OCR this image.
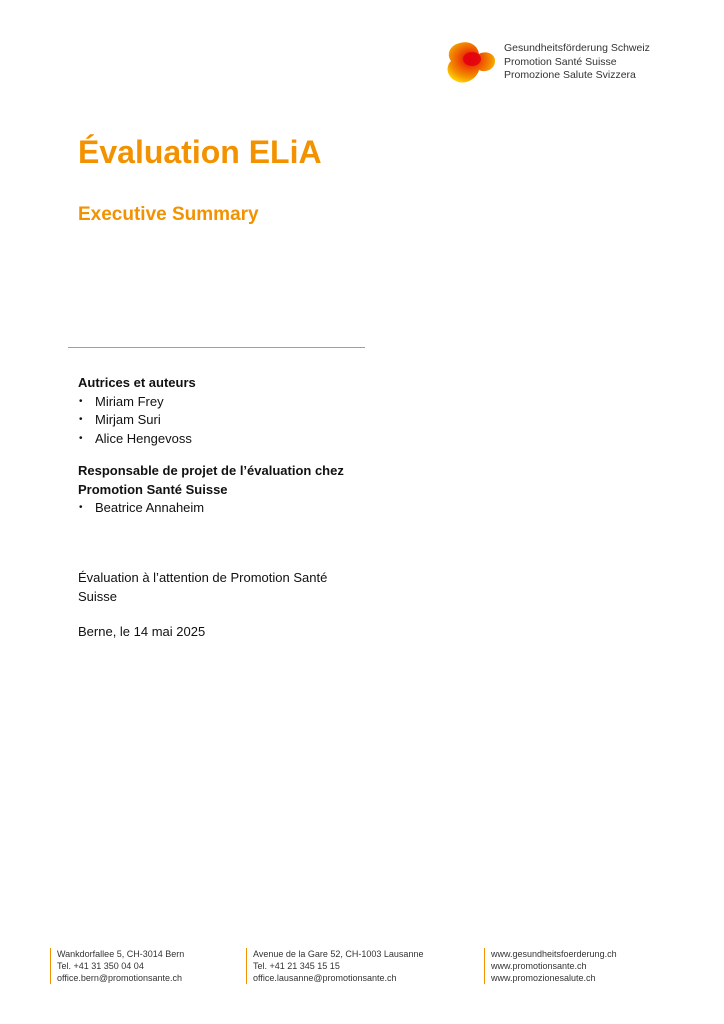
Gesundheitsförderung Schweiz
Promotion Santé Suisse
Promozione Salute Svizzera
Évaluation ELiA
Executive Summary
Autrices et auteurs
• Miriam Frey
• Mirjam Suri
• Alice Hengevoss
Responsable de projet de l’évaluation chez
Promotion Santé Suisse
• Beatrice Annaheim
Évaluation à l’attention de Promotion Santé Suisse
Berne, le 14 mai 2025
Wankdorfallee 5, CH-3014 Bern
Tel. +41 31 350 04 04
office.bern@promotionsante.ch
Avenue de la Gare 52, CH-1003 Lausanne
Tel. +41 21 345 15 15
office.lausanne@promotionsante.ch
www.gesundheitsfoerderung.ch
www.promotionsante.ch
www.promozionesalute.ch
